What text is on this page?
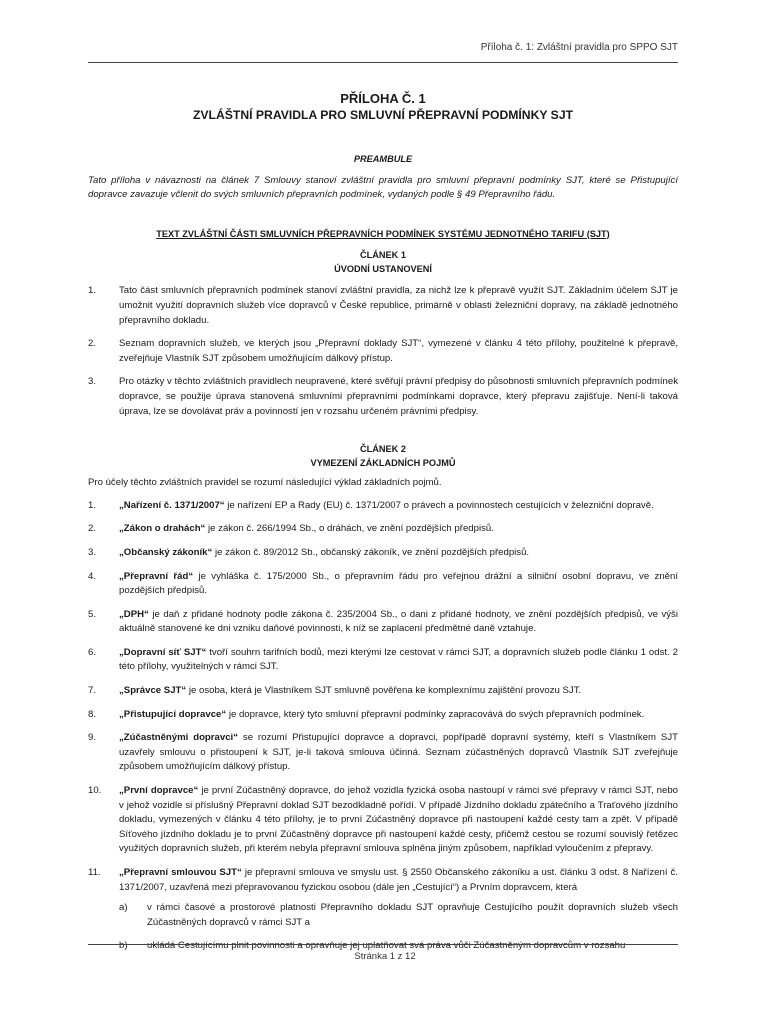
Příloha č. 1: Zvláštní pravidla pro SPPO SJT

PŘÍLOHA Č. 1

ZVLÁŠTNÍ PRAVIDLA PRO SMLUVNÍ PŘEPRAVNÍ PODMÍNKY SJT

PREAMBULE

Tato příloha v návaznosti na článek 7 Smlouvy stanoví zvláštní pravidla pro smluvní přepravní podmínky SJT, které se Přistupující dopravce zavazuje včlenit do svých smluvních přepravních podmínek, vydaných podle § 49 Přepravního řádu.

TEXT ZVLÁŠTNÍ ČÁSTI SMLUVNÍCH PŘEPRAVNÍCH PODMÍNEK SYSTÉMU JEDNOTNÉHO TARIFU (SJT)

ČLÁNEK 1

ÚVODNÍ USTANOVENÍ

1. Tato část smluvních přepravních podmínek stanoví zvláštní pravidla, za nichž lze k přepravě využít SJT. Základním účelem SJT je umožnit využití dopravních služeb více dopravců v České republice, primárně v oblasti železniční dopravy, na základě jednotného přepravního dokladu.
2. Seznam dopravních služeb, ve kterých jsou „Přepravní doklady SJT“, vymezené v článku 4 této přílohy, použitelné k přepravě, zveřejňuje Vlastník SJT způsobem umožňujícím dálkový přístup.
3. Pro otázky v těchto zvláštních pravidlech neupravené, které svěřují právní předpisy do působnosti smluvních přepravních podmínek dopravce, se použije úprava stanovená smluvními přepravními podmínkami dopravce, který přepravu zajišťuje. Není-li taková úprava, lze se dovolávat práv a povinností jen v rozsahu určeném právními předpisy.

ČLÁNEK 2

VYMEZENÍ ZÁKLADNÍCH POJMŮ

Pro účely těchto zvláštních pravidel se rozumí následující výklad základních pojmů.

1. „Nařízení č. 1371/2007“ je nařízení EP a Rady (EU) č. 1371/2007 o právech a povinnostech cestujících v železniční dopravě.
2. „Zákon o drahách“ je zákon č. 266/1994 Sb., o dráhách, ve znění pozdějších předpisů.
3. „Občanský zákoník“ je zákon č. 89/2012 Sb., občanský zákoník, ve znění pozdějších předpisů.
4. „Přepravní řád“ je vyhláška č. 175/2000 Sb., o přepravním řádu pro veřejnou drážní a silniční osobní dopravu, ve znění pozdějších předpisů.
5. „DPH“ je daň z přidané hodnoty podle zákona č. 235/2004 Sb., o dani z přidané hodnoty, ve znění pozdějších předpisů, ve výši aktuálně stanovené ke dni vzniku daňové povinnosti, k níž se zaplacení předmětné daně vztahuje.
6. „Dopravní síť SJT“ tvoří souhrn tarifních bodů, mezi kterými lze cestovat v rámci SJT, a dopravních služeb podle článku 1 odst. 2 této přílohy, využitelných v rámci SJT.
7. „Správce SJT“ je osoba, která je Vlastníkem SJT smluvně pověřena ke komplexnímu zajištění provozu SJT.
8. „Přistupující dopravce“ je dopravce, který tyto smluvní přepravní podmínky zapracovává do svých přepravních podmínek.
9. „Zúčastněnými dopravci“ se rozumí Přistupující dopravce a dopravci, popřípadě dopravní systémy, kteří s Vlastníkem SJT uzavřely smlouvu o přistoupení k SJT, je-li taková smlouva účinná. Seznam zúčastněných dopravců Vlastník SJT zveřejňuje způsobem umožňujícím dálkový přístup.
10. „První dopravce“ je první Zúčastněný dopravce, do jehož vozidla fyzická osoba nastoupí v rámci své přepravy v rámci SJT, nebo v jehož vozidle si příslušný Přepravní doklad SJT bezodkladně pořídí. V případě Jízdního dokladu zpátečního a Traťového jízdního dokladu, vymezených v článku 4 této přílohy, je to první Zúčastněný dopravce při nastoupení každé cesty tam a zpět. V případě Síťového jízdního dokladu je to první Zúčastněný dopravce při nastoupení každé cesty, přičemž cestou se rozumí souvislý řetězec využitých dopravních služeb, při kterém nebyla přepravní smlouva splněna jiným způsobem, například vyloučením z přepravy.
11. „Přepravní smlouvou SJT“ je přepravní smlouva ve smyslu ust. § 2550 Občanského zákoníku a ust. článku 3 odst. 8 Nařízení č. 1371/2007, uzavřená mezi přepravovanou fyzickou osobou (dále jen „Cestující“) a Prvním dopravcem, která
a) v rámci časové a prostorové platnosti Přepravního dokladu SJT opravňuje Cestujícího použít dopravních služeb všech Zúčastněných dopravců v rámci SJT a
b) ukládá Cestujícímu plnit povinnosti a opravňuje jej uplatňovat svá práva vůči Zúčastněným dopravcům v rozsahu
Stránka 1 z 12
